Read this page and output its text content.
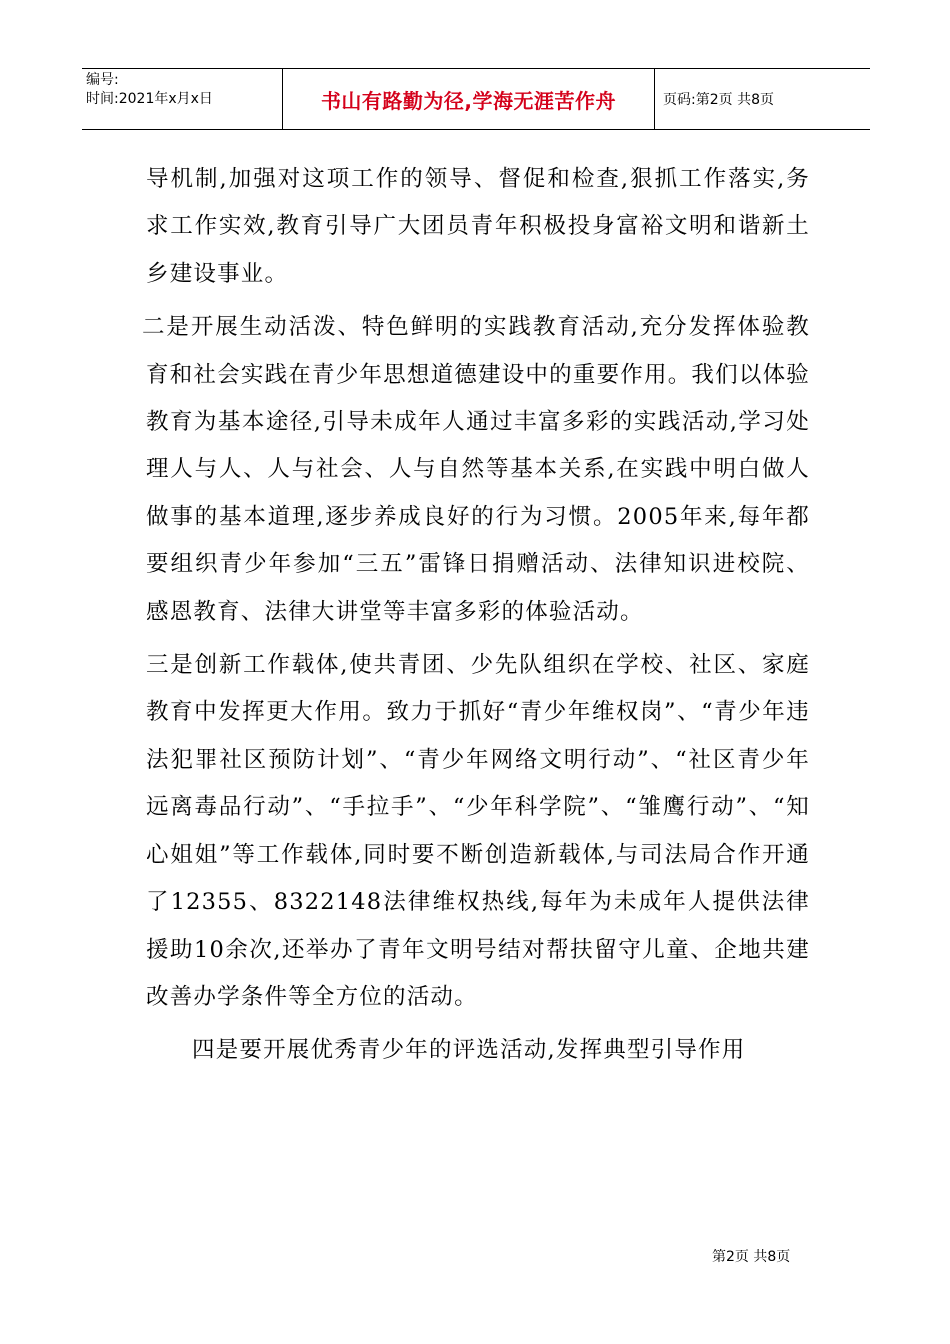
编号:
时间:2021年x月x日	书山有路勤为径,学海无涯苦作舟	页码:第2页 共8页

导机制,加强对这项工作的领导、督促和检查,狠抓工作落实,务求工作实效,教育引导广大团员青年积极投身富裕文明和谐新土乡建设事业。

二是开展生动活泼、特色鲜明的实践教育活动,充分发挥体验教育和社会实践在青少年思想道德建设中的重要作用。我们以体验教育为基本途径,引导未成年人通过丰富多彩的实践活动,学习处理人与人、人与社会、人与自然等基本关系,在实践中明白做人做事的基本道理,逐步养成良好的行为习惯。2005年来,每年都要组织青少年参加“三五”雷锋日捐赠活动、法律知识进校院、感恩教育、法律大讲堂等丰富多彩的体验活动。

三是创新工作载体,使共青团、少先队组织在学校、社区、家庭教育中发挥更大作用。致力于抓好“青少年维权岗”、“青少年违法犯罪社区预防计划”、“青少年网络文明行动”、“社区青少年远离毒品行动”、“手拉手”、“少年科学院”、“雏鹰行动”、“知心姐姐”等工作载体,同时要不断创造新载体,与司法局合作开通了12355、8322148法律维权热线,每年为未成年人提供法律援助10余次,还举办了青年文明号结对帮扶留守儿童、企地共建改善办学条件等全方位的活动。

四是要开展优秀青少年的评选活动,发挥典型引导作用

第2页 共8页
